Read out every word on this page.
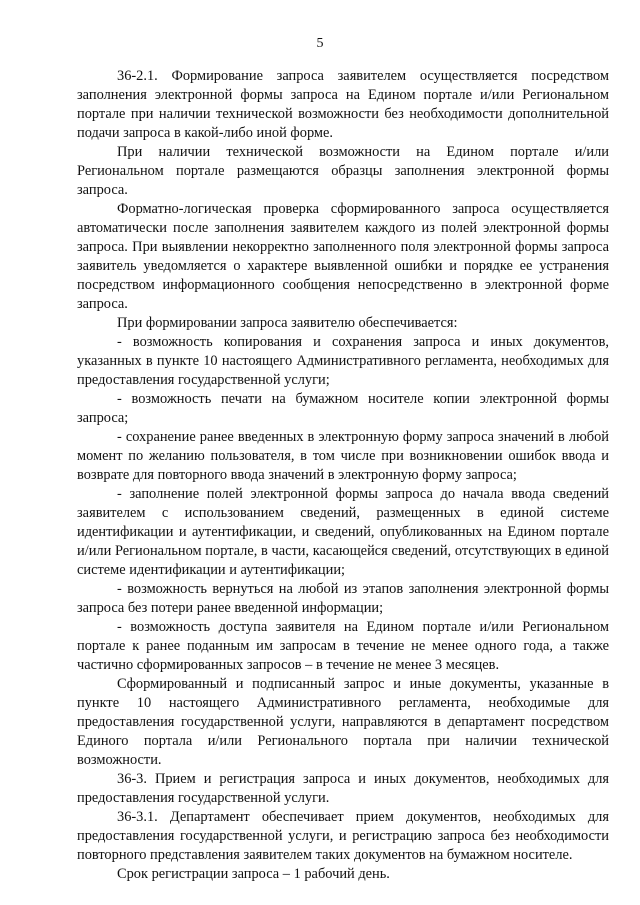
5

36-2.1. Формирование запроса заявителем осуществляется посредством заполнения электронной формы запроса на Едином портале и/или Региональном портале при наличии технической возможности без необходимости дополнительной подачи запроса в какой-либо иной форме.

При наличии технической возможности на Едином портале и/или Региональном портале размещаются образцы заполнения электронной формы запроса.

Форматно-логическая проверка сформированного запроса осуществляется автоматически после заполнения заявителем каждого из полей электронной формы запроса. При выявлении некорректно заполненного поля электронной формы запроса заявитель уведомляется о характере выявленной ошибки и порядке ее устранения посредством информационного сообщения непосредственно в электронной форме запроса.

При формировании запроса заявителю обеспечивается:

- возможность копирования и сохранения запроса и иных документов, указанных в пункте 10 настоящего Административного регламента, необходимых для предоставления государственной услуги;

- возможность печати на бумажном носителе копии электронной формы запроса;

- сохранение ранее введенных в электронную форму запроса значений в любой момент по желанию пользователя, в том числе при возникновении ошибок ввода и возврате для повторного ввода значений в электронную форму запроса;

- заполнение полей электронной формы запроса до начала ввода сведений заявителем с использованием сведений, размещенных в единой системе идентификации и аутентификации, и сведений, опубликованных на Едином портале и/или Региональном портале, в части, касающейся сведений, отсутствующих в единой системе идентификации и аутентификации;

- возможность вернуться на любой из этапов заполнения электронной формы запроса без потери ранее введенной информации;

- возможность доступа заявителя на Едином портале и/или Региональном портале к ранее поданным им запросам в течение не менее одного года, а также частично сформированных запросов – в течение не менее 3 месяцев.

Сформированный и подписанный запрос и иные документы, указанные в пункте 10 настоящего Административного регламента, необходимые для предоставления государственной услуги, направляются в департамент посредством Единого портала и/или Регионального портала при наличии технической возможности.

36-3. Прием и регистрация запроса и иных документов, необходимых для предоставления государственной услуги.

36-3.1. Департамент обеспечивает прием документов, необходимых для предоставления государственной услуги, и регистрацию запроса без необходимости повторного представления заявителем таких документов на бумажном носителе.

Срок регистрации запроса – 1 рабочий день.
